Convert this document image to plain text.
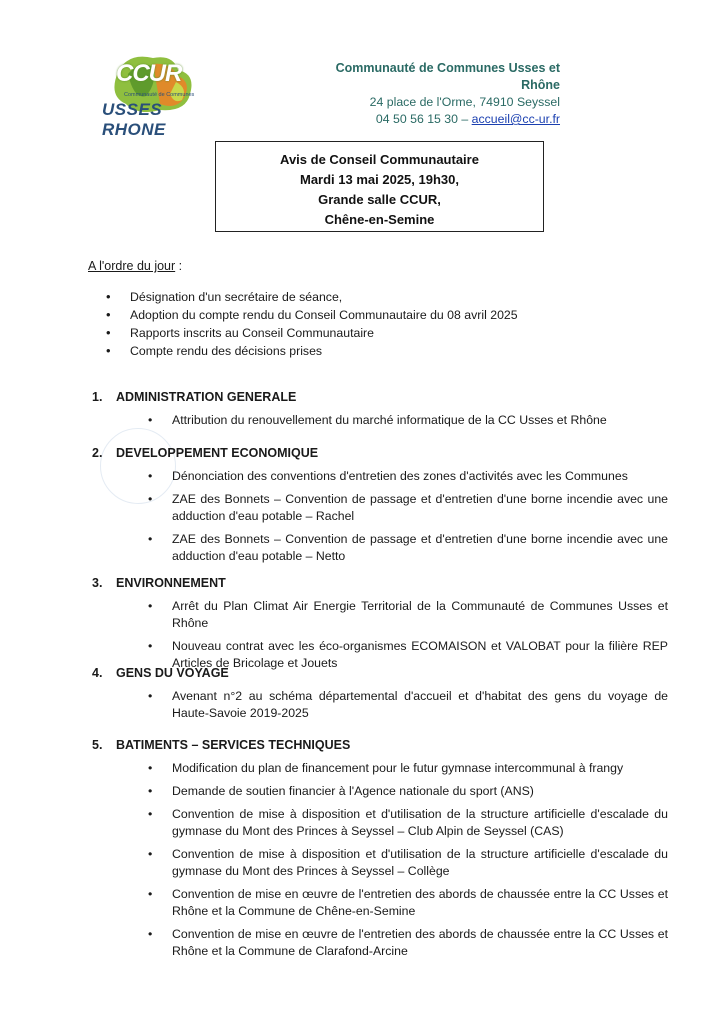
CCUR
Communauté de Communes
USSES RHONE
Communauté de Communes Usses et Rhône
24 place de l'Orme, 74910 Seyssel
04 50 56 15 30 – accueil@cc-ur.fr
Avis de Conseil Communautaire
Mardi 13 mai 2025, 19h30,
Grande salle CCUR,
Chêne-en-Semine
A l'ordre du jour :
• Désignation d'un secrétaire de séance,
• Adoption du compte rendu du Conseil Communautaire du 08 avril 2025
• Rapports inscrits au Conseil Communautaire
• Compte rendu des décisions prises
1. ADMINISTRATION GENERALE
• Attribution du renouvellement du marché informatique de la CC Usses et Rhône
2. DEVELOPPEMENT ECONOMIQUE
• Dénonciation des conventions d'entretien des zones d'activités avec les Communes
• ZAE des Bonnets – Convention de passage et d'entretien d'une borne incendie avec une adduction d'eau potable – Rachel
• ZAE des Bonnets – Convention de passage et d'entretien d'une borne incendie avec une adduction d'eau potable – Netto
3. ENVIRONNEMENT
• Arrêt du Plan Climat Air Energie Territorial de la Communauté de Communes Usses et Rhône
• Nouveau contrat avec les éco-organismes ECOMAISON et VALOBAT pour la filière REP Articles de Bricolage et Jouets
4. GENS DU VOYAGE
• Avenant n°2 au schéma départemental d'accueil et d'habitat des gens du voyage de Haute-Savoie 2019-2025
5. BATIMENTS – SERVICES TECHNIQUES
• Modification du plan de financement pour le futur gymnase intercommunal à frangy
• Demande de soutien financier à l'Agence nationale du sport (ANS)
• Convention de mise à disposition et d'utilisation de la structure artificielle d'escalade du gymnase du Mont des Princes à Seyssel – Club Alpin de Seyssel (CAS)
• Convention de mise à disposition et d'utilisation de la structure artificielle d'escalade du gymnase du Mont des Princes à Seyssel – Collège
• Convention de mise en œuvre de l'entretien des abords de chaussée entre la CC Usses et Rhône et la Commune de Chêne-en-Semine
• Convention de mise en œuvre de l'entretien des abords de chaussée entre la CC Usses et Rhône et la Commune de Clarafond-Arcine
